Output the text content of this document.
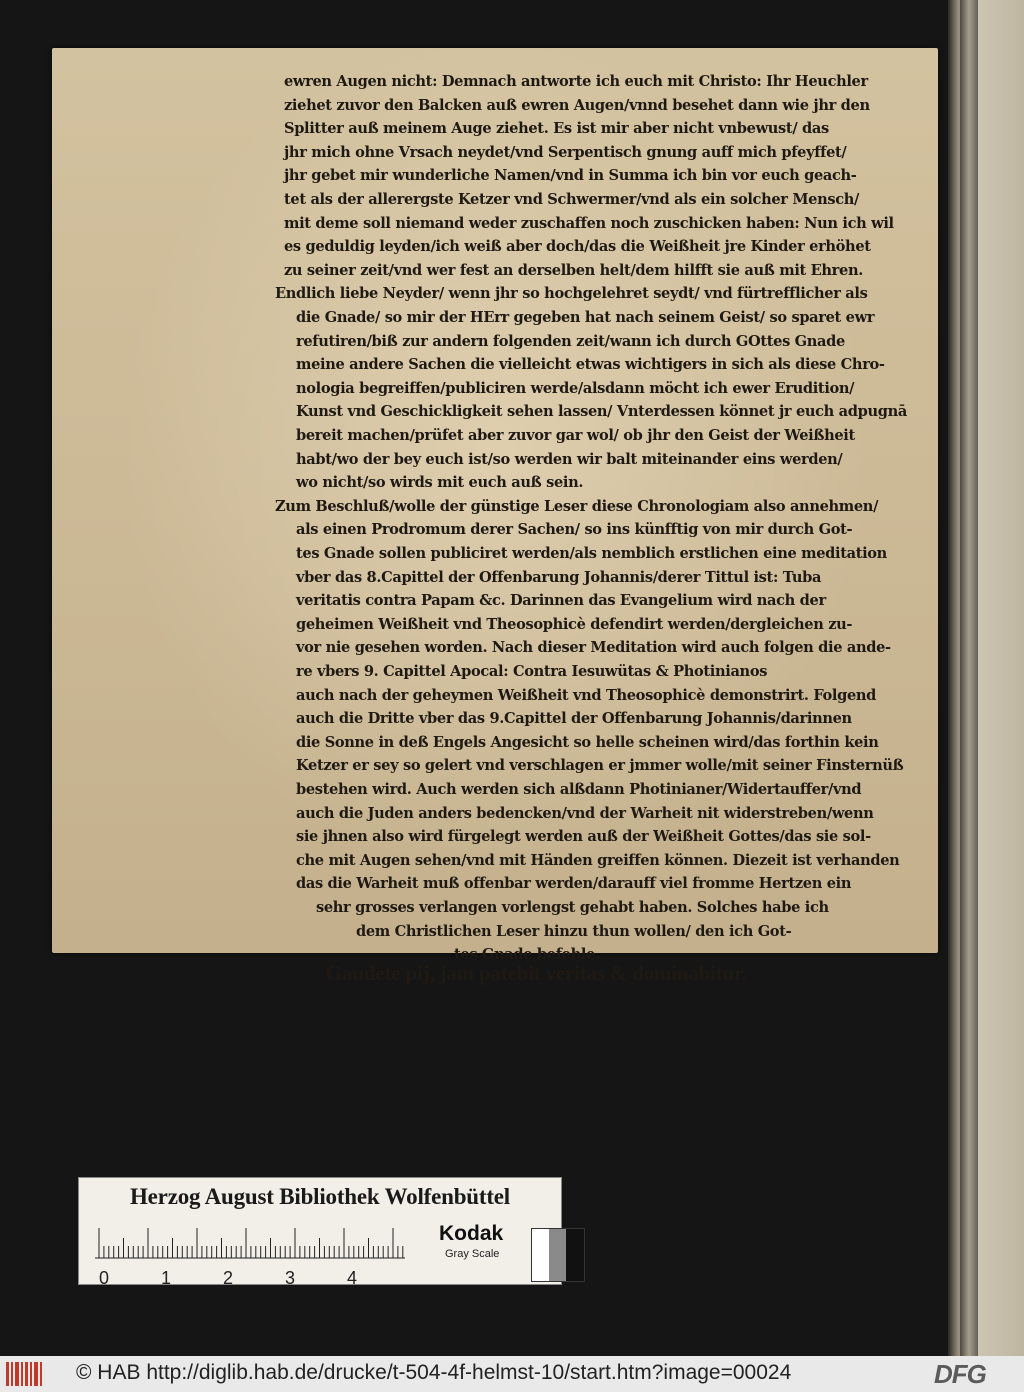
ewren Augen nicht: Demnach antworte ich euch mit Christo: Ihr Heuchler
ziehet zuvor den Balcken auß ewren Augen/vnnd besehet dann wie jhr den
Splitter auß meinem Auge ziehet. Es ist mir aber nicht vnbewust/ das
jhr mich ohne Vrsach neydet/vnd Serpentisch gnung auff mich pfeyffet/
jhr gebet mir wunderliche Namen/vnd in Summa ich bin vor euch geach-
tet als der allerergste Ketzer vnd Schwermer/vnd als ein solcher Mensch/
mit deme soll niemand weder zuschaffen noch zuschicken haben: Nun ich wil
es geduldig leyden/ich weiß aber doch/das die Weißheit jre Kinder erhöhet
zu seiner zeit/vnd wer fest an derselben helt/dem hilfft sie auß mit Ehren.
Endlich liebe Neyder/ wenn jhr so hochgelehret seydt/ vnd fürtrefflicher als
die Gnade/ so mir der HErr gegeben hat nach seinem Geist/ so sparet ewr
refutiren/biß zur andern folgenden zeit/wann ich durch GOttes Gnade
meine andere Sachen die vielleicht etwas wichtigers in sich als diese Chro-
nologia begreiffen/publiciren werde/alsdann möcht ich ewer Erudition/
Kunst vnd Geschickligkeit sehen lassen/ Vnterdessen könnet jr euch adpugnā
bereit machen/prüfet aber zuvor gar wol/ ob jhr den Geist der Weißheit
habt/wo der bey euch ist/so werden wir balt miteinander eins werden/
wo nicht/so wirds mit euch auß sein.
Zum Beschluß/wolle der günstige Leser diese Chronologiam also annehmen/
als einen Prodromum derer Sachen/ so ins künfftig von mir durch Got-
tes Gnade sollen publiciret werden/als nemblich erstlichen eine meditation
vber das 8.Capittel der Offenbarung Johannis/derer Tittul ist: Tuba
veritatis contra Papam &c. Darinnen das Evangelium wird nach der
geheimen Weißheit vnd Theosophicè defendirt werden/dergleichen zu-
vor nie gesehen worden. Nach dieser Meditation wird auch folgen die ande-
re vbers 9. Capittel Apocal: Contra Iesuwütas & Photinianos
auch nach der geheymen Weißheit vnd Theosophicè demonstrirt. Folgend
auch die Dritte vber das 9.Capittel der Offenbarung Johannis/darinnen
die Sonne in deß Engels Angesicht so helle scheinen wird/das forthin kein
Ketzer er sey so gelert vnd verschlagen er jmmer wolle/mit seiner Finsternüß
bestehen wird. Auch werden sich alßdann Photinianer/Widertauffer/vnd
auch die Juden anders bedencken/vnd der Warheit nit widerstreben/wenn
sie jhnen also wird fürgelegt werden auß der Weißheit Gottes/das sie sol-
che mit Augen sehen/vnd mit Händen greiffen können. Diezeit ist verhanden
das die Warheit muß offenbar werden/darauff viel fromme Hertzen ein
sehr grosses verlangen vorlengst gehabt haben. Solches habe ich
dem Christlichen Leser hinzu thun wollen/ den ich Got-
tes Gnade befehle.
Gaudete pij, jam patebit veritas & dominabitur.
Herzog August Bibliothek Wolfenbüttel
0	1	2	3	4
Kodak
Gray Scale
© HAB http://diglib.hab.de/drucke/t-504-4f-helmst-10/start.htm?image=00024	DFG
